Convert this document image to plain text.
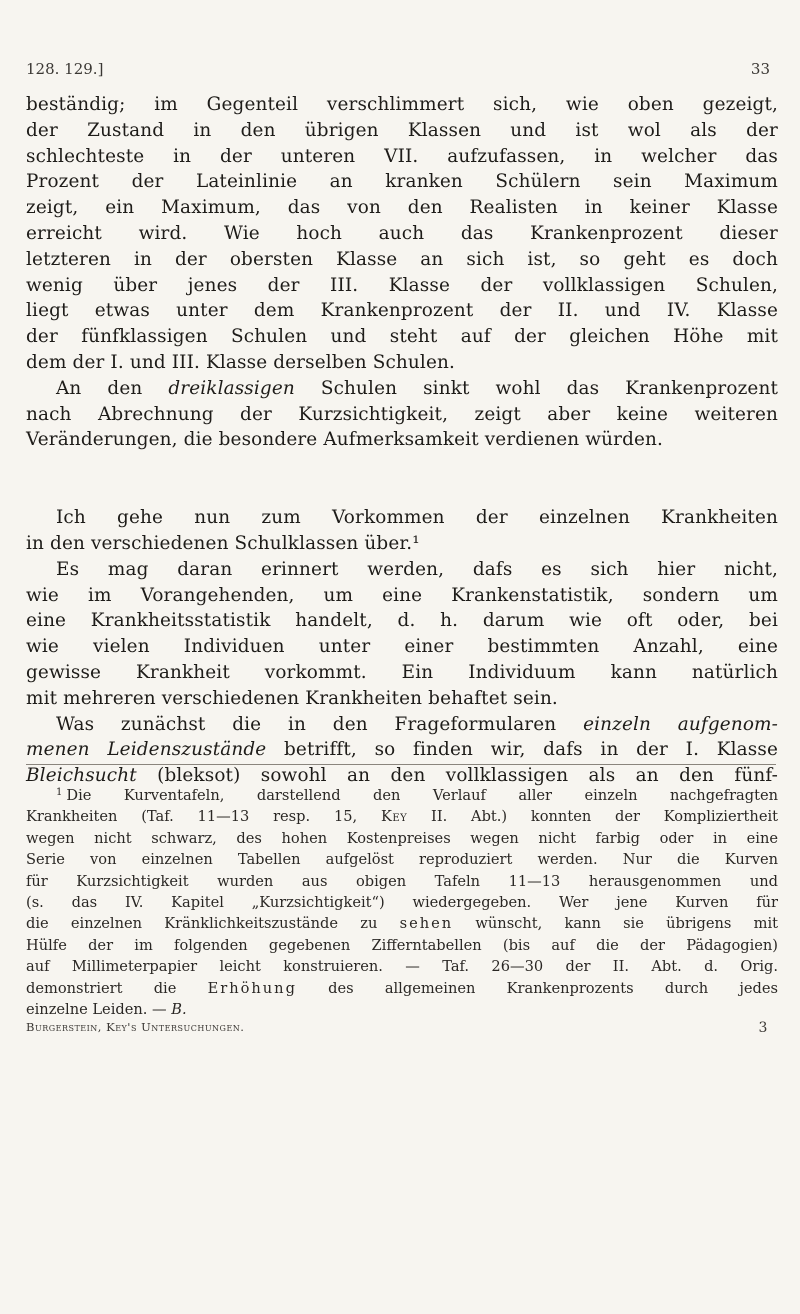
128. 129.]	33

beständig; im Gegenteil verschlimmert sich, wie oben gezeigt,
der Zustand in den übrigen Klassen und ist wol als der
schlechteste in der unteren VII. aufzufassen, in welcher das
Prozent der Lateinlinie an kranken Schülern sein Maximum
zeigt, ein Maximum, das von den Realisten in keiner Klasse
erreicht wird. Wie hoch auch das Krankenprozent dieser
letzteren in der obersten Klasse an sich ist, so geht es doch
wenig über jenes der III. Klasse der vollklassigen Schulen,
liegt etwas unter dem Krankenprozent der II. und IV. Klasse
der fünfklassigen Schulen und steht auf der gleichen Höhe mit
dem der I. und III. Klasse derselben Schulen.

An den dreiklassigen Schulen sinkt wohl das Krankenprozent
nach Abrechnung der Kurzsichtigkeit, zeigt aber keine weiteren
Veränderungen, die besondere Aufmerksamkeit verdienen würden.

Ich gehe nun zum Vorkommen der einzelnen Krankheiten
in den verschiedenen Schulklassen über.¹

Es mag daran erinnert werden, dafs es sich hier nicht,
wie im Vorangehenden, um eine Krankenstatistik, sondern um
eine Krankheitsstatistik handelt, d. h. darum wie oft oder, bei
wie vielen Individuen unter einer bestimmten Anzahl, eine
gewisse Krankheit vorkommt. Ein Individuum kann natürlich
mit mehreren verschiedenen Krankheiten behaftet sein.

Was zunächst die in den Frageformularen einzeln aufgenom-
menen Leidenszustände betrifft, so finden wir, dafs in der I. Klasse
Bleichsucht (bleksot) sowohl an den vollklassigen als an den fünf-

$^1$ Die Kurventafeln, darstellend den Verlauf aller einzeln nachgefragten
Krankheiten (Taf. 11—13 resp. 15, Key II. Abt.) konnten der Kompliziertheit
wegen nicht schwarz, des hohen Kostenpreises wegen nicht farbig oder in eine
Serie von einzelnen Tabellen aufgelöst reproduziert werden. Nur die Kurven
für Kurzsichtigkeit wurden aus obigen Tafeln 11—13 herausgenommen und
(s. das IV. Kapitel „Kurzsichtigkeit“) wiedergegeben. Wer jene Kurven für
die einzelnen Kränklichkeitszustände zu sehen wünscht, kann sie übrigens mit
Hülfe der im folgenden gegebenen Zifferntabellen (bis auf die der Pädagogien)
auf Millimeterpapier leicht konstruieren. — Taf. 26—30 der II. Abt. d. Orig.
demonstriert die Erhöhung des allgemeinen Krankenprozents durch jedes
einzelne Leiden. — B.
Burgerstein, Key's Untersuchungen.	3
